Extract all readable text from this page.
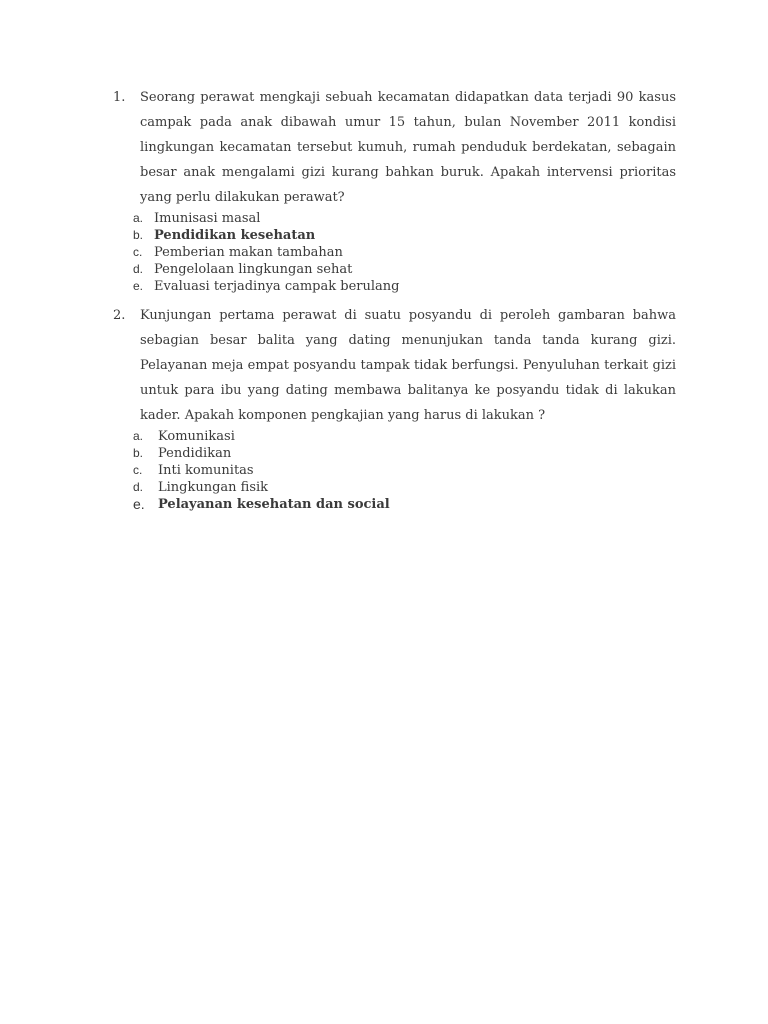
1.	Seorang perawat mengkaji sebuah kecamatan didapatkan data terjadi 90 kasus campak pada anak dibawah umur 15 tahun, bulan November 2011 kondisi lingkungan kecamatan tersebut kumuh, rumah penduduk berdekatan, sebagain besar anak mengalami gizi kurang bahkan buruk. Apakah intervensi prioritas yang perlu dilakukan perawat?

a. Imunisasi masal
b. Pendidikan kesehatan
c. Pemberian makan tambahan
d. Pengelolaan lingkungan sehat
e. Evaluasi terjadinya campak berulang
2.	Kunjungan pertama perawat di suatu posyandu di peroleh gambaran bahwa sebagian besar balita yang dating menunjukan tanda tanda kurang gizi. Pelayanan meja empat posyandu tampak tidak berfungsi. Penyuluhan terkait gizi untuk para ibu yang dating membawa balitanya ke posyandu tidak di lakukan kader. Apakah komponen pengkajian yang harus di lakukan ?

a.	Komunikasi
b.	Pendidikan
c.	Inti komunitas
d.	Lingkungan fisik
e.	Pelayanan kesehatan dan social
